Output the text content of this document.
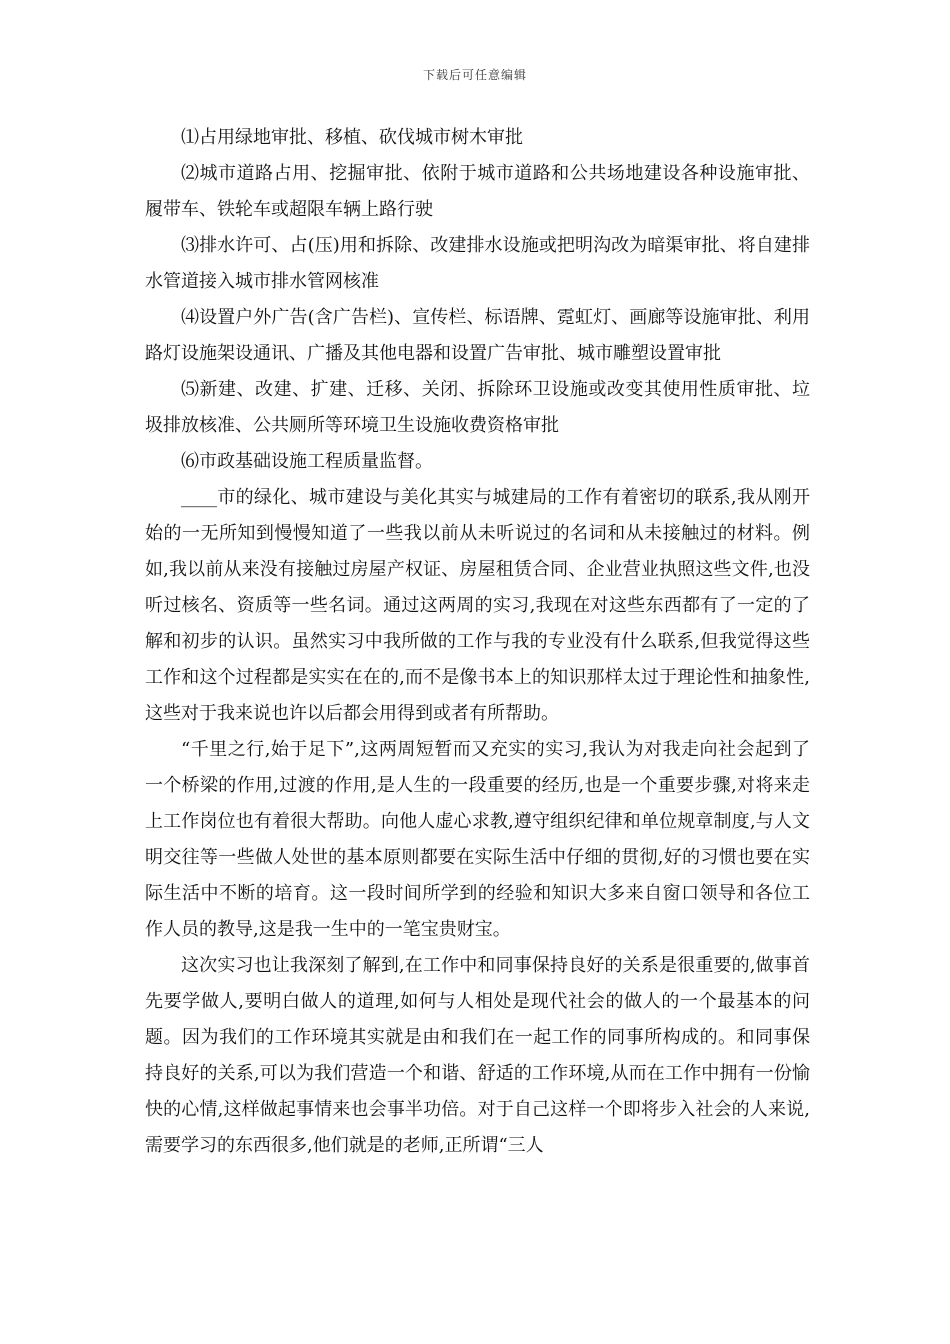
下载后可任意编辑

⑴占用绿地审批、移植、砍伐城市树木审批

⑵城市道路占用、挖掘审批、依附于城市道路和公共场地建设各种设施审批、履带车、铁轮车或超限车辆上路行驶

⑶排水许可、占(压)用和拆除、改建排水设施或把明沟改为暗渠审批、将自建排水管道接入城市排水管网核准

⑷设置户外广告(含广告栏)、宣传栏、标语牌、霓虹灯、画廊等设施审批、利用路灯设施架设通讯、广播及其他电器和设置广告审批、城市雕塑设置审批

⑸新建、改建、扩建、迁移、关闭、拆除环卫设施或改变其使用性质审批、垃圾排放核准、公共厕所等环境卫生设施收费资格审批

⑹市政基础设施工程质量监督。

____市的绿化、城市建设与美化其实与城建局的工作有着密切的联系,我从刚开始的一无所知到慢慢知道了一些我以前从未听说过的名词和从未接触过的材料。例如,我以前从来没有接触过房屋产权证、房屋租赁合同、企业营业执照这些文件,也没听过核名、资质等一些名词。通过这两周的实习,我现在对这些东西都有了一定的了解和初步的认识。虽然实习中我所做的工作与我的专业没有什么联系,但我觉得这些工作和这个过程都是实实在在的,而不是像书本上的知识那样太过于理论性和抽象性,这些对于我来说也许以后都会用得到或者有所帮助。

“千里之行,始于足下”,这两周短暂而又充实的实习,我认为对我走向社会起到了一个桥梁的作用,过渡的作用,是人生的一段重要的经历,也是一个重要步骤,对将来走上工作岗位也有着很大帮助。向他人虚心求教,遵守组织纪律和单位规章制度,与人文明交往等一些做人处世的基本原则都要在实际生活中仔细的贯彻,好的习惯也要在实际生活中不断的培育。这一段时间所学到的经验和知识大多来自窗口领导和各位工作人员的教导,这是我一生中的一笔宝贵财宝。

这次实习也让我深刻了解到,在工作中和同事保持良好的关系是很重要的,做事首先要学做人,要明白做人的道理,如何与人相处是现代社会的做人的一个最基本的问题。因为我们的工作环境其实就是由和我们在一起工作的同事所构成的。和同事保持良好的关系,可以为我们营造一个和谐、舒适的工作环境,从而在工作中拥有一份愉快的心情,这样做起事情来也会事半功倍。对于自己这样一个即将步入社会的人来说,需要学习的东西很多,他们就是的老师,正所谓“三人
